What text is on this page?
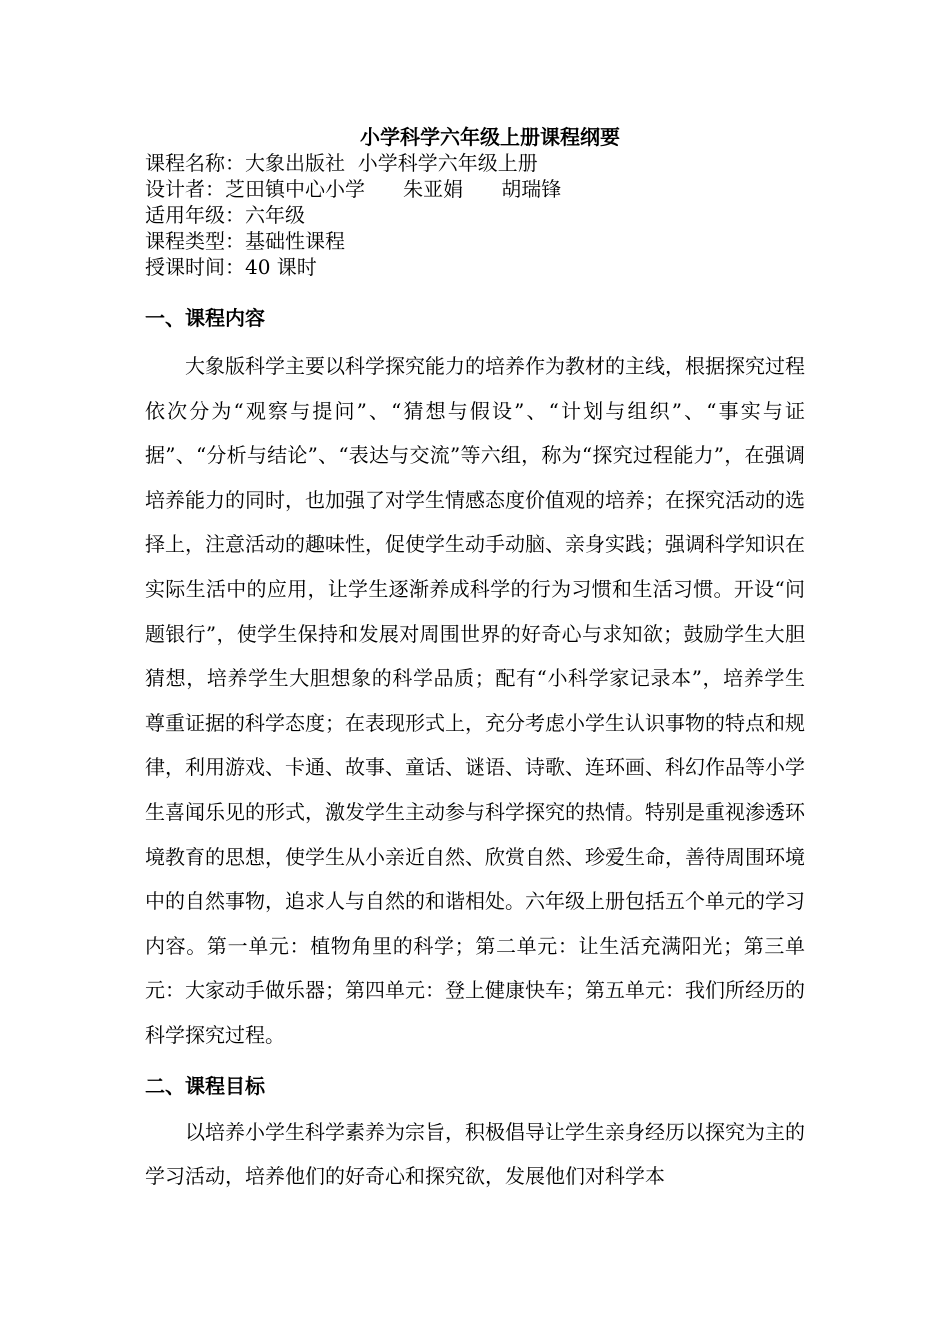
小学科学六年级上册课程纲要
课程名称：大象出版社  小学科学六年级上册
设计者：芝田镇中心小学      朱亚娟      胡瑞锋
适用年级：六年级
课程类型：基础性课程
授课时间：40 课时
一、课程内容

大象版科学主要以科学探究能力的培养作为教材的主线，根据探究过程依次分为“观察与提问”、“猜想与假设”、“计划与组织”、“事实与证据”、“分析与结论”、“表达与交流”等六组，称为“探究过程能力”，在强调培养能力的同时，也加强了对学生情感态度价值观的培养；在探究活动的选择上，注意活动的趣味性，促使学生动手动脑、亲身实践；强调科学知识在实际生活中的应用，让学生逐渐养成科学的行为习惯和生活习惯。开设“问题银行”，使学生保持和发展对周围世界的好奇心与求知欲；鼓励学生大胆猜想，培养学生大胆想象的科学品质；配有“小科学家记录本”，培养学生尊重证据的科学态度；在表现形式上，充分考虑小学生认识事物的特点和规律，利用游戏、卡通、故事、童话、谜语、诗歌、连环画、科幻作品等小学生喜闻乐见的形式，激发学生主动参与科学探究的热情。特别是重视渗透环境教育的思想，使学生从小亲近自然、欣赏自然、珍爱生命，善待周围环境中的自然事物，追求人与自然的和谐相处。六年级上册包括五个单元的学习内容。第一单元：植物角里的科学；第二单元：让生活充满阳光；第三单元：大家动手做乐器；第四单元：登上健康快车；第五单元：我们所经历的科学探究过程。

二、课程目标

以培养小学生科学素养为宗旨，积极倡导让学生亲身经历以探究为主的学习活动，培养他们的好奇心和探究欲，发展他们对科学本
